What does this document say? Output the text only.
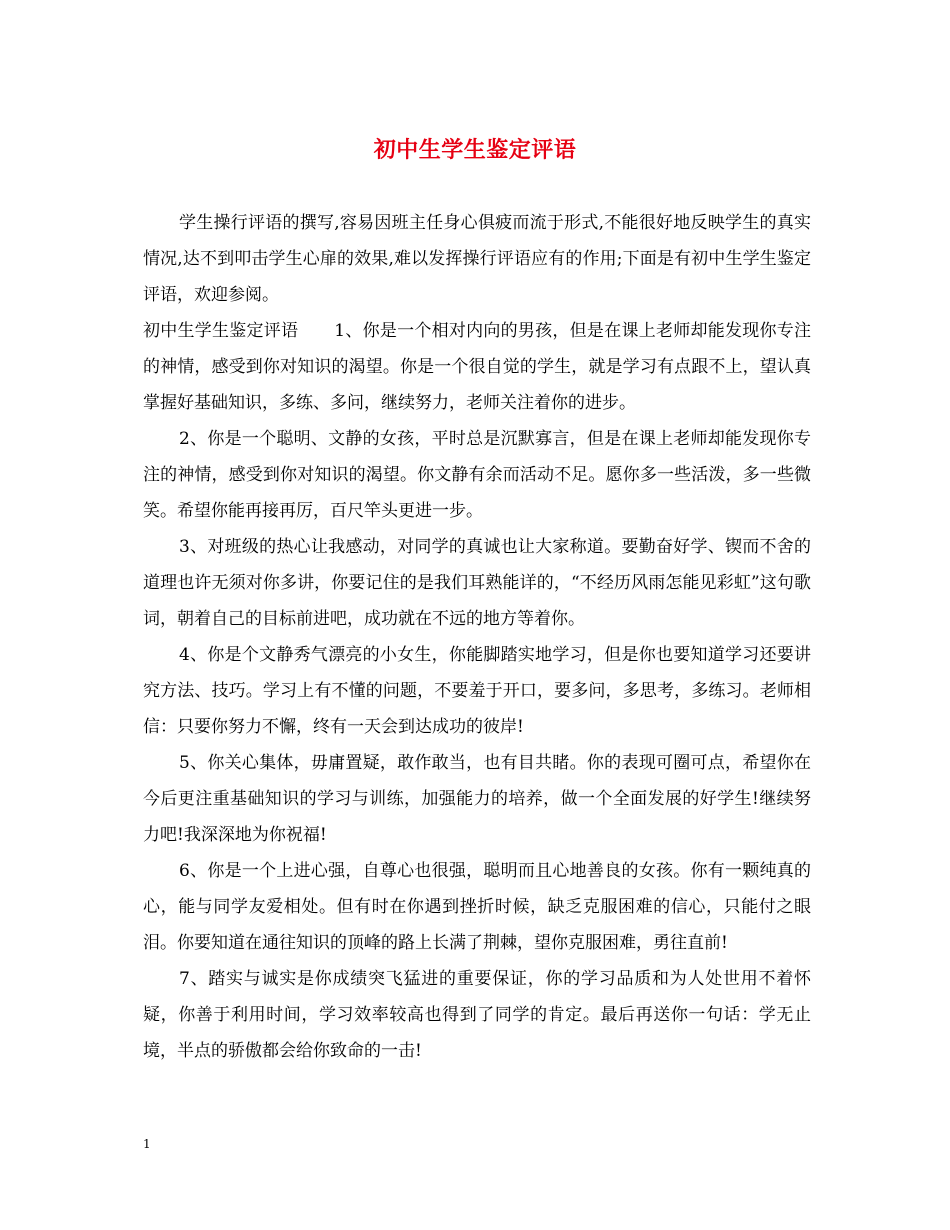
初中生学生鉴定评语

学生操行评语的撰写,容易因班主任身心俱疲而流于形式,不能很好地反映学生的真实情况,达不到叩击学生心扉的效果,难以发挥操行评语应有的作用;下面是有初中生学生鉴定评语，欢迎参阅。

初中生学生鉴定评语 1、你是一个相对内向的男孩，但是在课上老师却能发现你专注的神情，感受到你对知识的渴望。你是一个很自觉的学生，就是学习有点跟不上，望认真掌握好基础知识，多练、多问，继续努力，老师关注着你的进步。

2、你是一个聪明、文静的女孩，平时总是沉默寡言，但是在课上老师却能发现你专注的神情，感受到你对知识的渴望。你文静有余而活动不足。愿你多一些活泼，多一些微笑。希望你能再接再厉，百尺竿头更进一步。

3、对班级的热心让我感动，对同学的真诚也让大家称道。要勤奋好学、锲而不舍的道理也许无须对你多讲，你要记住的是我们耳熟能详的，“不经历风雨怎能见彩虹”这句歌词，朝着自己的目标前进吧，成功就在不远的地方等着你。

4、你是个文静秀气漂亮的小女生，你能脚踏实地学习，但是你也要知道学习还要讲究方法、技巧。学习上有不懂的问题，不要羞于开口，要多问，多思考，多练习。老师相信：只要你努力不懈，终有一天会到达成功的彼岸!

5、你关心集体，毋庸置疑，敢作敢当，也有目共睹。你的表现可圈可点，希望你在今后更注重基础知识的学习与训练，加强能力的培养，做一个全面发展的好学生!继续努力吧!我深深地为你祝福!

6、你是一个上进心强，自尊心也很强，聪明而且心地善良的女孩。你有一颗纯真的心，能与同学友爱相处。但有时在你遇到挫折时候，缺乏克服困难的信心，只能付之眼泪。你要知道在通往知识的顶峰的路上长满了荆棘，望你克服困难，勇往直前!

7、踏实与诚实是你成绩突飞猛进的重要保证，你的学习品质和为人处世用不着怀疑，你善于利用时间，学习效率较高也得到了同学的肯定。最后再送你一句话：学无止境，半点的骄傲都会给你致命的一击!

1
